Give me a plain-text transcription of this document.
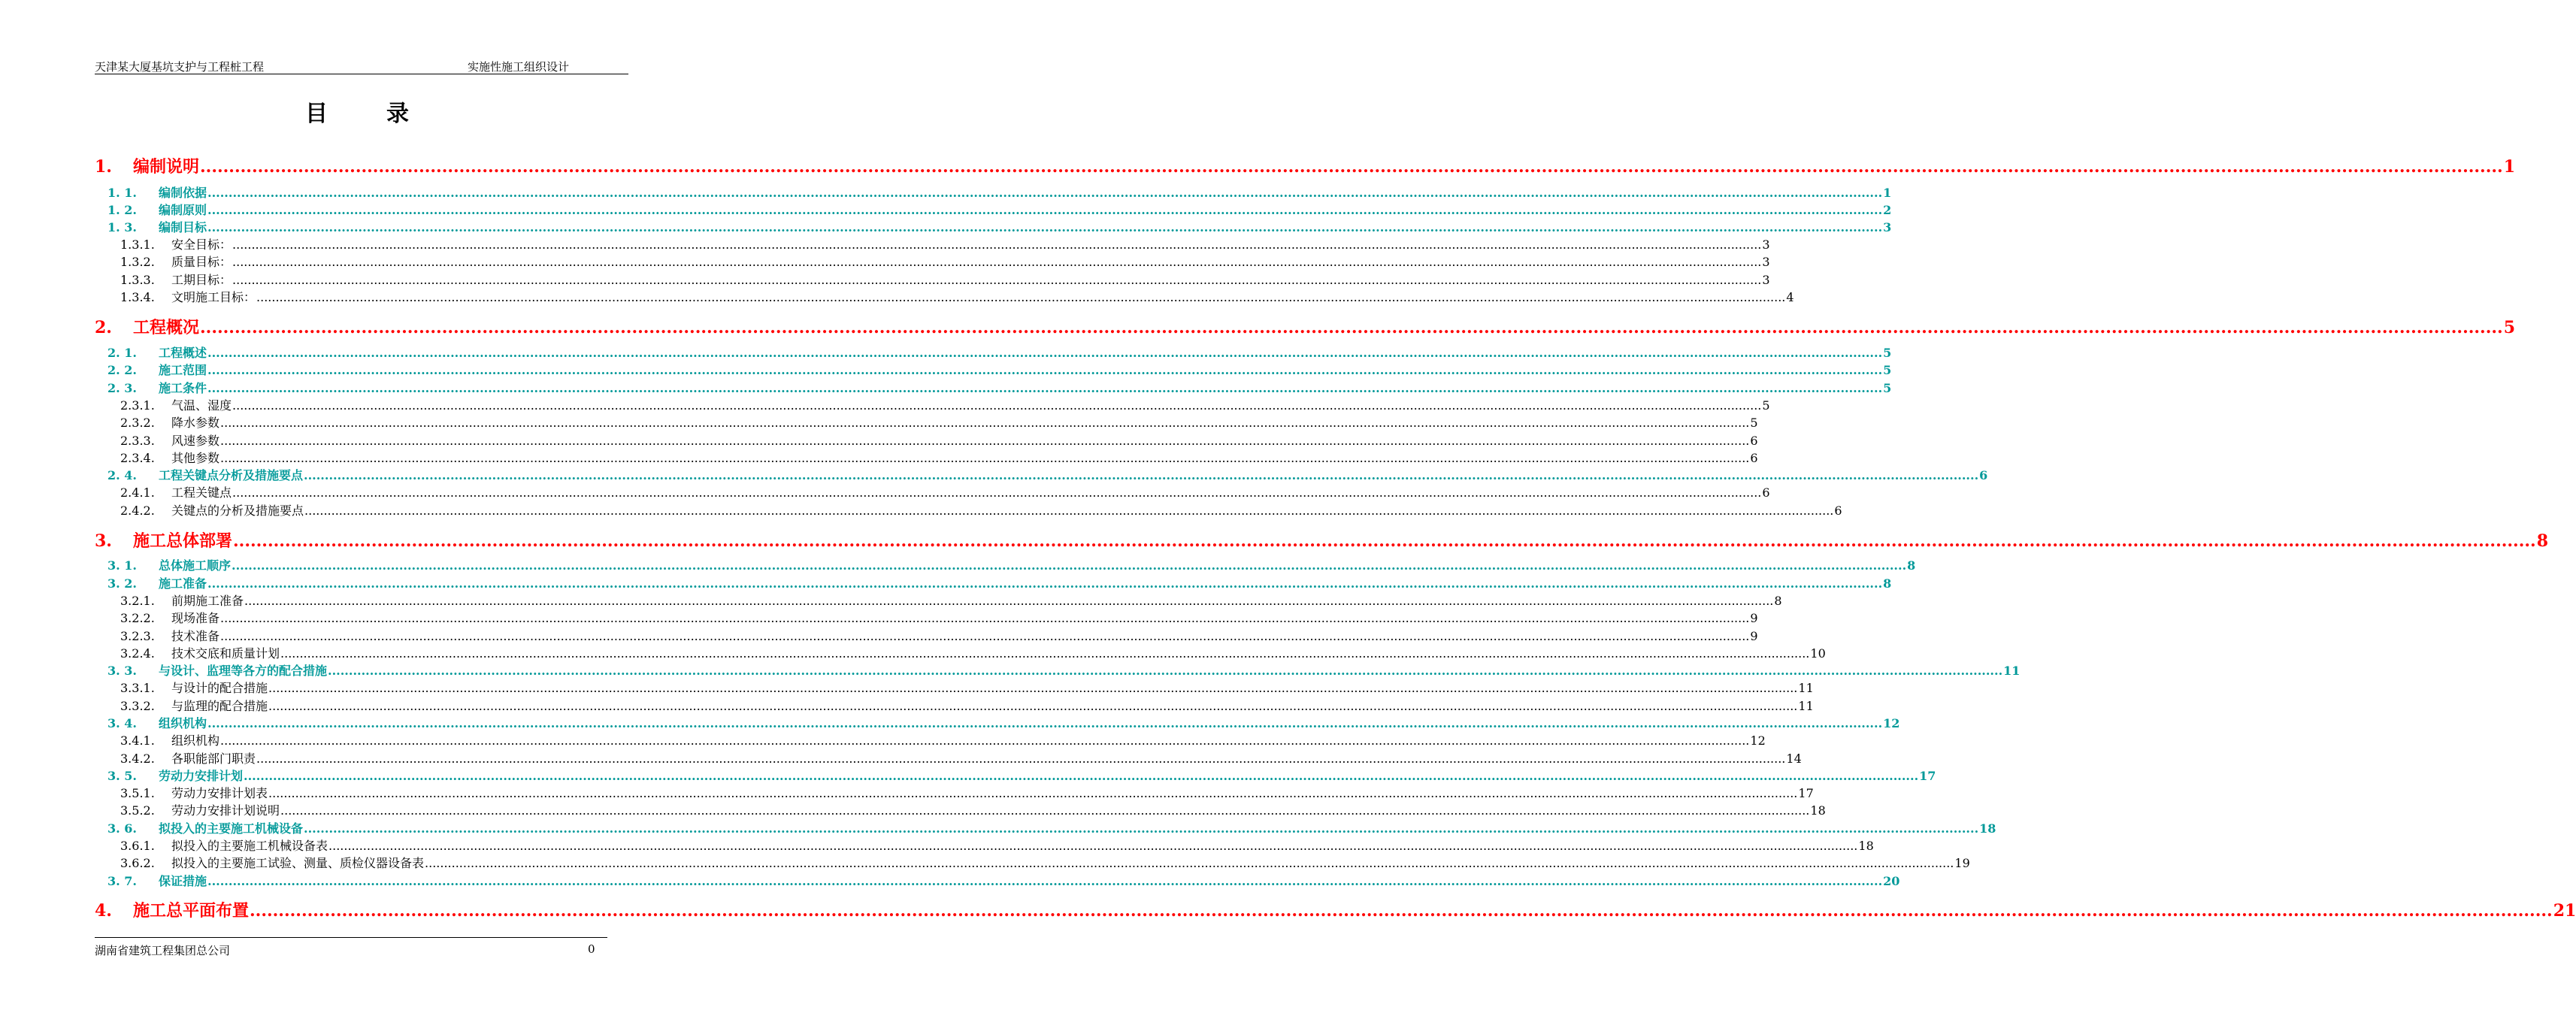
天津某大厦基坑支护与工程桩工程	实施性施工组织设计
目	录
1.	编制说明 ................................................................................................................................................................................................................................................................................................................................................................................................................ 1
1. 1.	编制依据 ................................................................................................................................................................................................................................................................................................................................................................................................................ 1
1. 2.	编制原则 ................................................................................................................................................................................................................................................................................................................................................................................................................ 2
1. 3.	编制目标 ................................................................................................................................................................................................................................................................................................................................................................................................................ 3
1.3.1.	安全目标： ................................................................................................................................................................................................................................................................................................................................................................................................................ 3
1.3.2.	质量目标： ................................................................................................................................................................................................................................................................................................................................................................................................................ 3
1.3.3.	工期目标： ................................................................................................................................................................................................................................................................................................................................................................................................................ 3
1.3.4.	文明施工目标： ................................................................................................................................................................................................................................................................................................................................................................................................................ 4
2.	工程概况 ................................................................................................................................................................................................................................................................................................................................................................................................................ 5
2. 1.	工程概述 ................................................................................................................................................................................................................................................................................................................................................................................................................ 5
2. 2.	施工范围 ................................................................................................................................................................................................................................................................................................................................................................................................................ 5
2. 3.	施工条件 ................................................................................................................................................................................................................................................................................................................................................................................................................ 5
2.3.1.	气温、湿度 ................................................................................................................................................................................................................................................................................................................................................................................................................ 5
2.3.2.	降水参数 ................................................................................................................................................................................................................................................................................................................................................................................................................ 5
2.3.3.	风速参数 ................................................................................................................................................................................................................................................................................................................................................................................................................ 6
2.3.4.	其他参数 ................................................................................................................................................................................................................................................................................................................................................................................................................ 6
2. 4.	工程关键点分析及措施要点 ................................................................................................................................................................................................................................................................................................................................................................................................................ 6
2.4.1.	工程关键点 ................................................................................................................................................................................................................................................................................................................................................................................................................ 6
2.4.2.	关键点的分析及措施要点 ................................................................................................................................................................................................................................................................................................................................................................................................................ 6
3.	施工总体部署 ................................................................................................................................................................................................................................................................................................................................................................................................................ 8
3. 1.	总体施工顺序 ................................................................................................................................................................................................................................................................................................................................................................................................................ 8
3. 2.	施工准备 ................................................................................................................................................................................................................................................................................................................................................................................................................ 8
3.2.1.	前期施工准备 ................................................................................................................................................................................................................................................................................................................................................................................................................ 8
3.2.2.	现场准备 ................................................................................................................................................................................................................................................................................................................................................................................................................ 9
3.2.3.	技术准备 ................................................................................................................................................................................................................................................................................................................................................................................................................ 9
3.2.4.	技术交底和质量计划 ................................................................................................................................................................................................................................................................................................................................................................................................................ 10
3. 3.	与设计、监理等各方的配合措施 ................................................................................................................................................................................................................................................................................................................................................................................................................ 11
3.3.1.	与设计的配合措施 ................................................................................................................................................................................................................................................................................................................................................................................................................ 11
3.3.2.	与监理的配合措施 ................................................................................................................................................................................................................................................................................................................................................................................................................ 11
3. 4.	组织机构 ................................................................................................................................................................................................................................................................................................................................................................................................................ 12
3.4.1.	组织机构 ................................................................................................................................................................................................................................................................................................................................................................................................................ 12
3.4.2.	各职能部门职责 ................................................................................................................................................................................................................................................................................................................................................................................................................ 14
3. 5.	劳动力安排计划 ................................................................................................................................................................................................................................................................................................................................................................................................................ 17
3.5.1.	劳动力安排计划表 ................................................................................................................................................................................................................................................................................................................................................................................................................ 17
3.5.2.	劳动力安排计划说明 ................................................................................................................................................................................................................................................................................................................................................................................................................ 18
3. 6.	拟投入的主要施工机械设备 ................................................................................................................................................................................................................................................................................................................................................................................................................ 18
3.6.1.	拟投入的主要施工机械设备表 ................................................................................................................................................................................................................................................................................................................................................................................................................ 18
3.6.2.	拟投入的主要施工试验、测量、质检仪器设备表 ................................................................................................................................................................................................................................................................................................................................................................................................................ 19
3. 7.	保证措施 ................................................................................................................................................................................................................................................................................................................................................................................................................ 20
4.	施工总平面布置 ................................................................................................................................................................................................................................................................................................................................................................................................................ 21
湖南省建筑工程集团总公司	0
